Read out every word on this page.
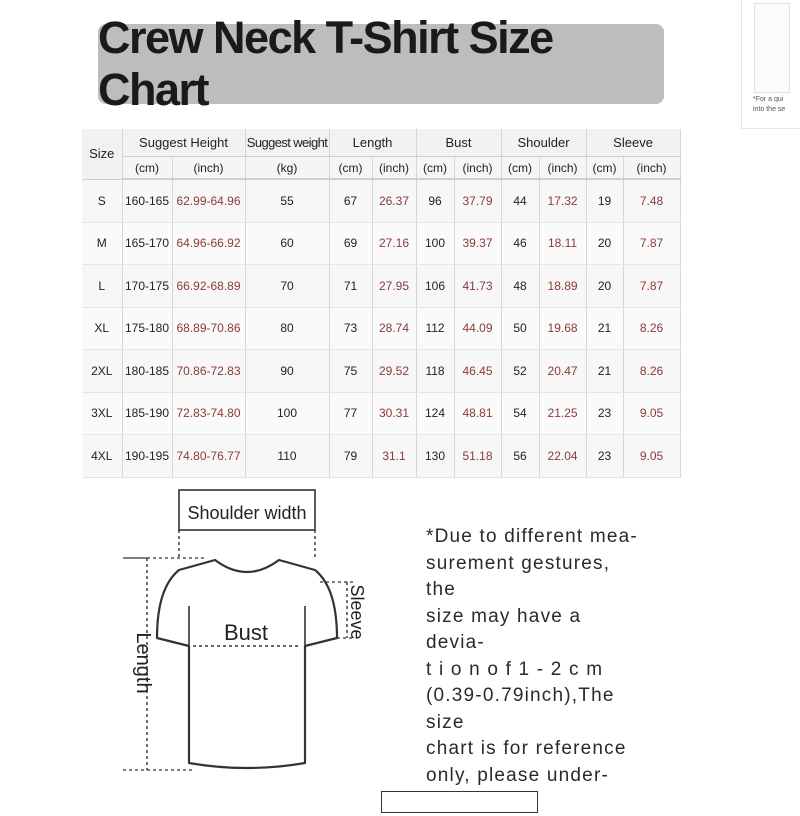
*For a qui
into the se
Crew Neck T-Shirt Size Chart
Size	Suggest Height		Suggest weight	Length		Bust		Shoulder		Sleeve	
	(cm)	(inch)	(kg)	(cm)	(inch)	(cm)	(inch)	(cm)	(inch)	(cm)	(inch)
S	160-165	62.99-64.96	55	67	26.37	96	37.79	44	17.32	19	7.48
M	165-170	64.96-66.92	60	69	27.16	100	39.37	46	18.11	20	7.87
L	170-175	66.92-68.89	70	71	27.95	106	41.73	48	18.89	20	7.87
XL	175-180	68.89-70.86	80	73	28.74	112	44.09	50	19.68	21	8.26
2XL	180-185	70.86-72.83	90	75	29.52	118	46.45	52	20.47	21	8.26
3XL	185-190	72.83-74.80	100	77	30.31	124	48.81	54	21.25	23	9.05
4XL	190-195	74.80-76.77	110	79	31.1	130	51.18	56	22.04	23	9.05
Shoulder width
Bust
Length
Sleeve
*Due to different mea-
surement gestures, the
size may have a devia-
t i o n o f 1 - 2 c m
(0.39-0.79inch),The size
chart is for reference
only, please under-
